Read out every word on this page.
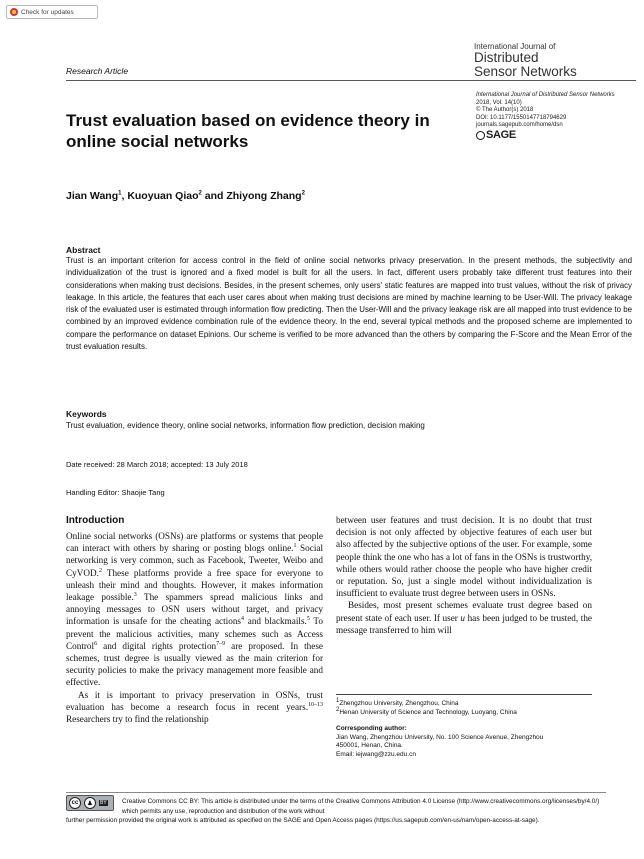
Check for updates
International Journal of
Distributed
Sensor Networks
Research Article
International Journal of Distributed Sensor Networks
2018, Vol. 14(10)
© The Author(s) 2018
DOI: 10.1177/1550147718794629
journals.sagepub.com/home/dsn
SAGE
Trust evaluation based on evidence theory in online social networks
Jian Wang$^1$, Kuoyuan Qiao$^2$ and Zhiyong Zhang$^2$
Abstract
Trust is an important criterion for access control in the field of online social networks privacy preservation. In the present methods, the subjectivity and individualization of the trust is ignored and a fixed model is built for all the users. In fact, different users probably take different trust features into their considerations when making trust decisions. Besides, in the present schemes, only users' static features are mapped into trust values, without the risk of privacy leakage. In this article, the features that each user cares about when making trust decisions are mined by machine learning to be User-Will. The privacy leakage risk of the evaluated user is estimated through information flow predicting. Then the User-Will and the privacy leakage risk are all mapped into trust evidence to be combined by an improved evidence combination rule of the evidence theory. In the end, several typical methods and the proposed scheme are implemented to compare the performance on dataset Epinions. Our scheme is verified to be more advanced than the others by comparing the F-Score and the Mean Error of the trust evaluation results.
Keywords
Trust evaluation, evidence theory, online social networks, information flow prediction, decision making
Date received: 28 March 2018; accepted: 13 July 2018
Handling Editor: Shaojie Tang
Introduction

Online social networks (OSNs) are platforms or systems that people can interact with others by sharing or posting blogs online.$^1$ Social networking is very common, such as Facebook, Tweeter, Weibo and CyVOD.$^2$ These platforms provide a free space for everyone to unleash their mind and thoughts. However, it makes information leakage possible.$^3$ The spammers spread malicious links and annoying messages to OSN users without target, and privacy information is unsafe for the cheating actions$^4$ and blackmails.$^5$ To prevent the malicious activities, many schemes such as Access Control$^6$ and digital rights protection$^{7-9}$ are proposed. In these schemes, trust degree is usually viewed as the main criterion for security policies to make the privacy management more feasible and effective.

As it is important to privacy preservation in OSNs, trust evaluation has become a research focus in recent years.$^{10-13}$ Researchers try to find the relationship

between user features and trust decision. It is no doubt that trust decision is not only affected by objective features of each user but also affected by the subjective options of the user. For example, some people think the one who has a lot of fans in the OSNs is trustworthy, while others would rather choose the people who have higher credit or reputation. So, just a single model without individualization is insufficient to evaluate trust degree between users in OSNs.

Besides, most present schemes evaluate trust degree based on present state of each user. If user u has been judged to be trusted, the message transferred to him will

$^1$Zhengzhou University, Zhengzhou, China
$^2$Henan University of Science and Technology, Luoyang, China
Corresponding author:
Jian Wang, Zhengzhou University, No. 100 Science Avenue, Zhengzhou
450001, Henan, China.
Email: iejwang@zzu.edu.cn
cc	♟	BY Creative Commons CC BY: This article is distributed under the terms of the Creative Commons Attribution 4.0 License (http://www.creativecommons.org/licenses/by/4.0/) which permits any use, reproduction and distribution of the work without
further permission provided the original work is attributed as specified on the SAGE and Open Access pages (https://us.sagepub.com/en-us/nam/open-access-at-sage).
